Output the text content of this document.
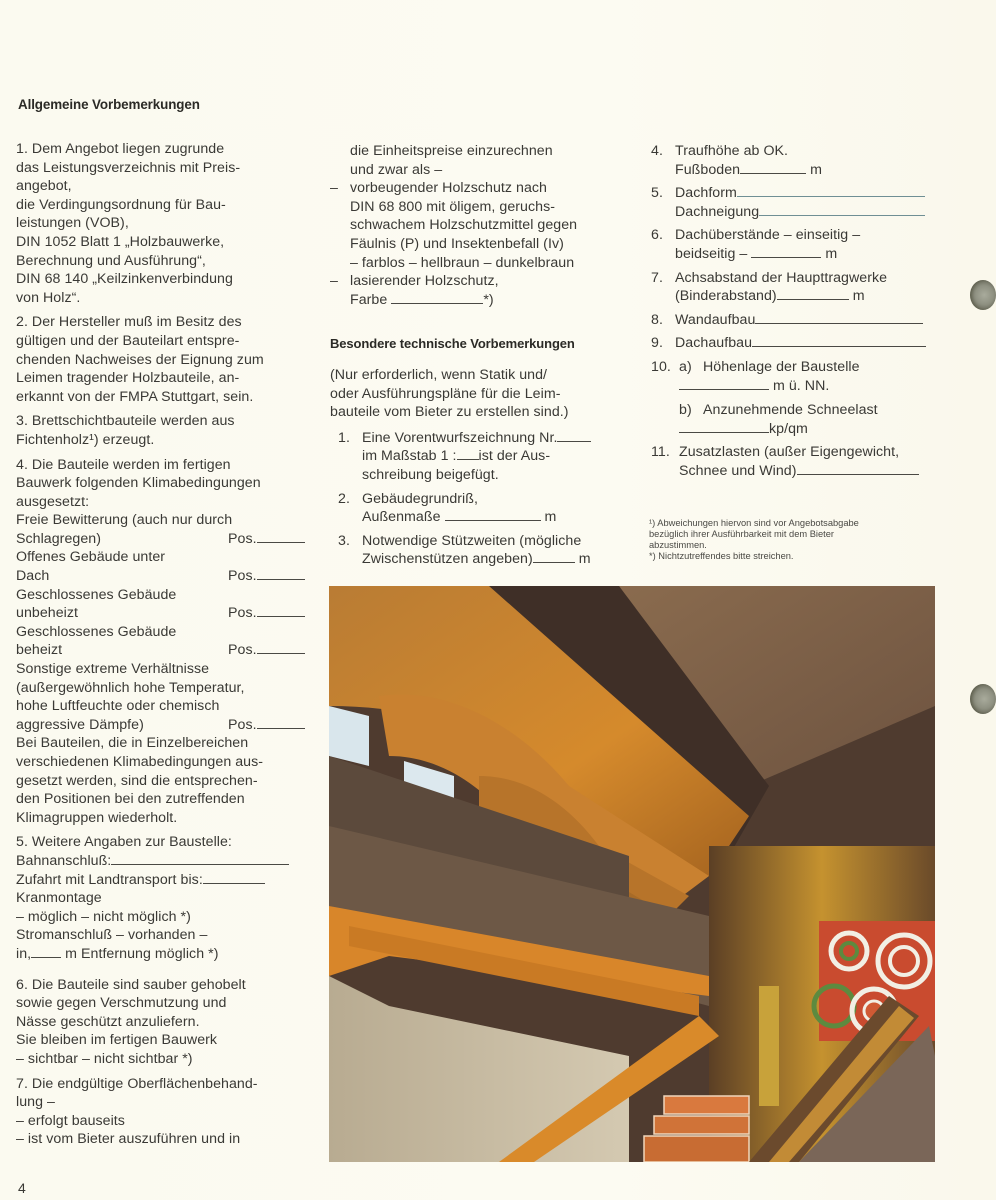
Allgemeine Vorbemerkungen

1. Dem Angebot liegen zugrunde
das Leistungsverzeichnis mit Preis-
angebot,
die Verdingungsordnung für Bau-
leistungen (VOB),
DIN 1052 Blatt 1 „Holzbauwerke,
Berechnung und Ausführung“,
DIN 68 140 „Keilzinkenverbindung
von Holz“.

2. Der Hersteller muß im Besitz des
gültigen und der Bauteilart entspre-
chenden Nachweises der Eignung zum
Leimen tragender Holzbauteile, an-
erkannt von der FMPA Stuttgart, sein.

3. Brettschichtbauteile werden aus
Fichtenholz¹) erzeugt.

4. Die Bauteile werden im fertigen
Bauwerk folgenden Klimabedingungen
ausgesetzt:
Freie Bewitterung (auch nur durch
Schlagregen)	Pos.
Offenes Gebäude unter
Dach	Pos.
Geschlossenes Gebäude
unbeheizt	Pos.
Geschlossenes Gebäude
beheizt	Pos.
Sonstige extreme Verhältnisse
(außergewöhnlich hohe Temperatur,
hohe Luftfeuchte oder chemisch
aggressive Dämpfe)	Pos.
Bei Bauteilen, die in Einzelbereichen
verschiedenen Klimabedingungen aus-
gesetzt werden, sind die entsprechen-
den Positionen bei den zutreffenden
Klimagruppen wiederholt.
5. Weitere Angaben zur Baustelle:
Bahnanschluß:
Zufahrt mit Landtransport bis:
Kranmontage
– möglich – nicht möglich *)
Stromanschluß – vorhanden –
in, m Entfernung möglich *)

6. Die Bauteile sind sauber gehobelt
sowie gegen Verschmutzung und
Nässe geschützt anzuliefern.
Sie bleiben im fertigen Bauwerk
– sichtbar – nicht sichtbar *)

7. Die endgültige Oberflächenbehand-
lung –
– erfolgt bauseits
– ist vom Bieter auszuführen und in

4
die Einheitspreise einzurechnen
und zwar als –
– vorbeugender Holzschutz nach
DIN 68 800 mit öligem, geruchs-
schwachem Holzschutzmittel gegen
Fäulnis (P) und Insektenbefall (Iv)
– farblos – hellbraun – dunkelbraun
– lasierender Holzschutz,
Farbe	*)
Besondere technische Vorbemerkungen
(Nur erforderlich, wenn Statik und/
oder Ausführungspläne für die Leim-
bauteile vom Bieter zu erstellen sind.)
1. Eine Vorentwurfszeichnung Nr.
im Maßstab 1 : ist der Aus-
schreibung beigefügt.
2. Gebäudegrundriß,
Außenmaße	m
3. Notwendige Stützweiten (mögliche
Zwischenstützen angeben)	m
4. Traufhöhe ab OK.
Fußboden	m
5. Dachform
Dachneigung
6. Dachüberstände – einseitig –
beidseitig –	m
7. Achsabstand der Haupttragwerke
(Binderabstand)	m
8. Wandaufbau
9. Dachaufbau
10. a) Höhenlage der Baustelle
m ü. NN.
b) Anzunehmende Schneelast
kp/qm
11. Zusatzlasten (außer Eigengewicht,
Schnee und Wind)

¹) Abweichungen hiervon sind vor Angebotsabgabe
bezüglich ihrer Ausführbarkeit mit dem Bieter
abzustimmen.

*) Nichtzutreffendes bitte streichen.
